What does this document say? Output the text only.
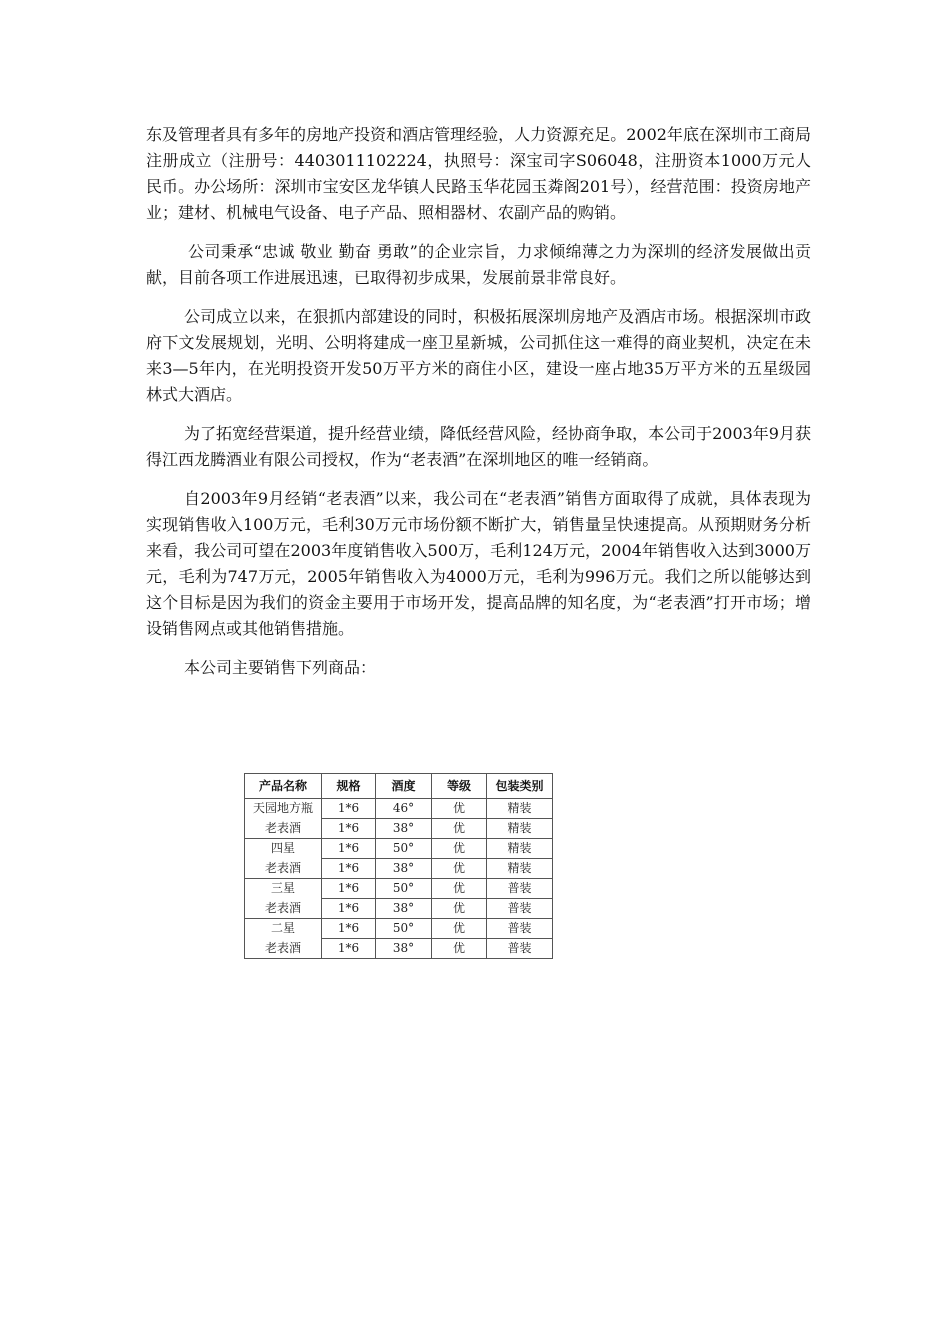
东及管理者具有多年的房地产投资和酒店管理经验，人力资源充足。2002年底在深圳市工商局注册成立（注册号：4403011102224，执照号：深宝司字S06048，注册资本1000万元人民币。办公场所：深圳市宝安区龙华镇人民路玉华花园玉粦阁201号），经营范围：投资房地产业；建材、机械电气设备、电子产品、照相器材、农副产品的购销。

公司秉承“忠诚 敬业 勤奋 勇敢”的企业宗旨，力求倾绵薄之力为深圳的经济发展做出贡献，目前各项工作进展迅速，已取得初步成果，发展前景非常良好。

公司成立以来，在狠抓内部建设的同时，积极拓展深圳房地产及酒店市场。根据深圳市政府下文发展规划，光明、公明将建成一座卫星新城，公司抓住这一难得的商业契机，决定在未来3—5年内，在光明投资开发50万平方米的商住小区，建设一座占地35万平方米的五星级园林式大酒店。

为了拓宽经营渠道，提升经营业绩，降低经营风险，经协商争取，本公司于2003年9月获得江西龙腾酒业有限公司授权，作为“老表酒”在深圳地区的唯一经销商。

自2003年9月经销“老表酒”以来，我公司在“老表酒”销售方面取得了成就，具体表现为实现销售收入100万元，毛利30万元市场份额不断扩大，销售量呈快速提高。从预期财务分析来看，我公司可望在2003年度销售收入500万，毛利124万元，2004年销售收入达到3000万元，毛利为747万元，2005年销售收入为4000万元，毛利为996万元。我们之所以能够达到这个目标是因为我们的资金主要用于市场开发，提高品牌的知名度，为“老表酒”打开市场；增设销售网点或其他销售措施。

本公司主要销售下列商品：

产品名称	规格	酒度	等级	包装类别
天园地方瓶	1*6	46°	优	精装
老表酒	1*6	38°	优	精装
四星	1*6	50°	优	精装
老表酒	1*6	38°	优	精装
三星	1*6	50°	优	普装
老表酒	1*6	38°	优	普装
二星	1*6	50°	优	普装
老表酒	1*6	38°	优	普装
